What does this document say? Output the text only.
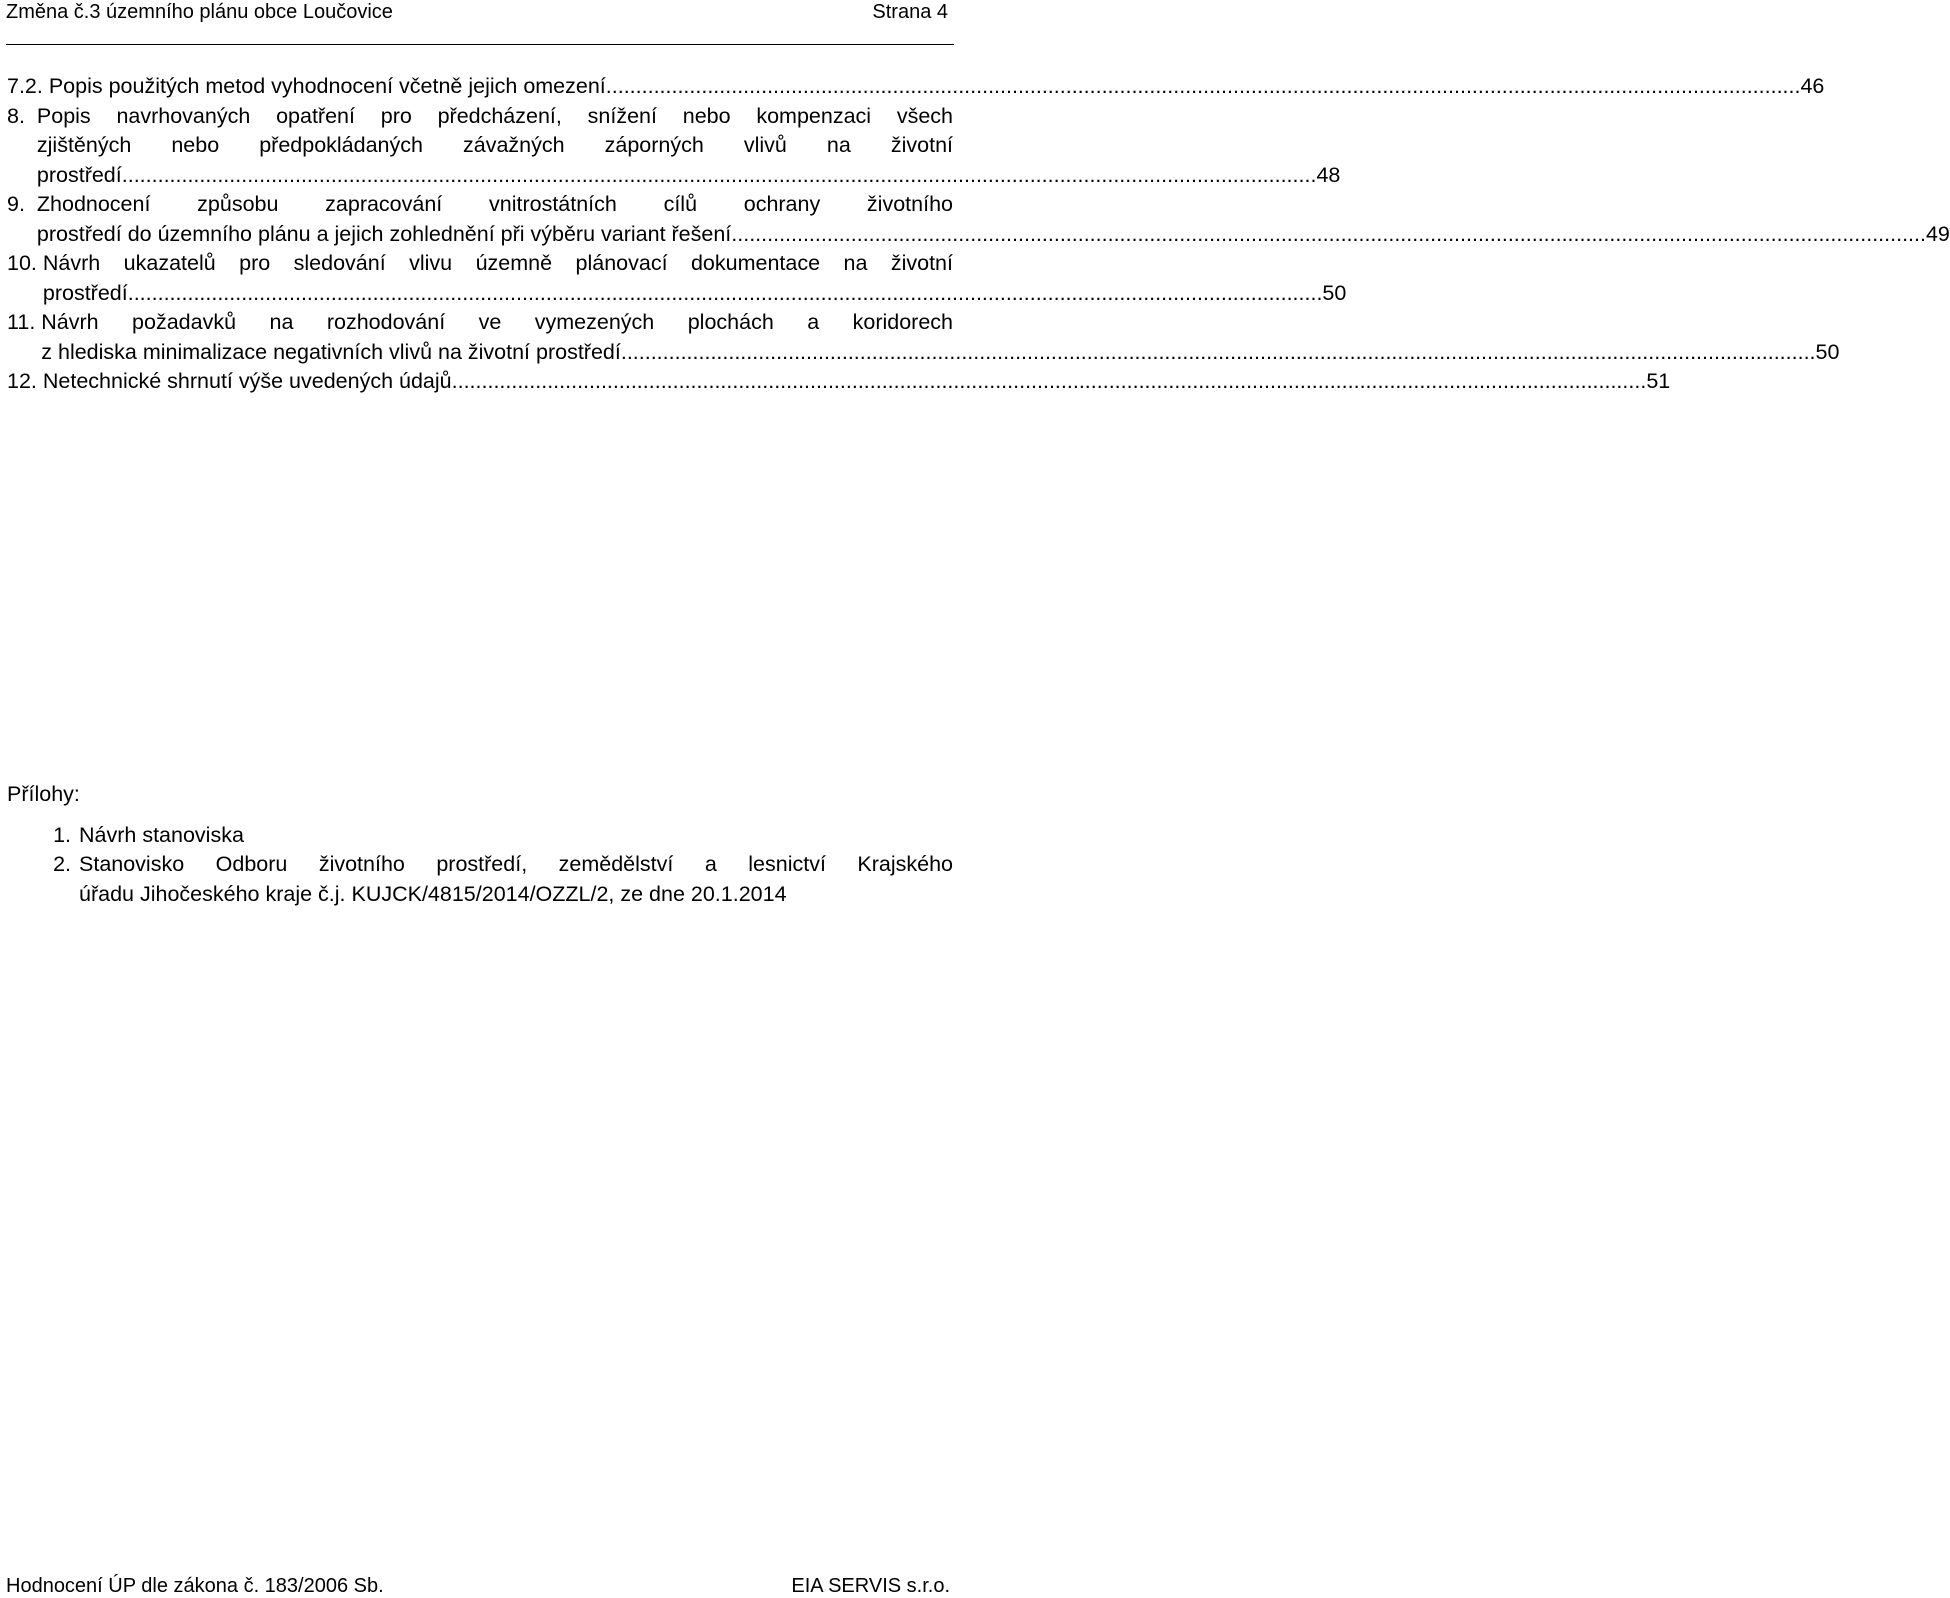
Změna č.3 územního plánu obce Loučovice	Strana 4
7.2. Popis použitých metod vyhodnocení včetně jejich omezení ........................................................................................................................................................................................................ 46
8. Popis navrhovaných opatření pro předcházení, snížení nebo kompenzaci všech
zjištěných nebo předpokládaných závažných záporných vlivů na životní
prostředí ........................................................................................................................................................................................................ 48
9. Zhodnocení způsobu zapracování vnitrostátních cílů ochrany životního
prostředí do územního plánu a jejich zohlednění při výběru variant řešení ........................................................................................................................................................................................................ 49
10. Návrh ukazatelů pro sledování vlivu územně plánovací dokumentace na životní
prostředí ........................................................................................................................................................................................................ 50
11. Návrh požadavků na rozhodování ve vymezených plochách a koridorech
z hlediska minimalizace negativních vlivů na životní prostředí ........................................................................................................................................................................................................ 50
12. Netechnické shrnutí výše uvedených údajů ........................................................................................................................................................................................................ 51
Přílohy:
1. Návrh stanoviska
2. Stanovisko Odboru životního prostředí, zemědělství a lesnictví Krajského
úřadu Jihočeského kraje č.j. KUJCK/4815/2014/OZZL/2, ze dne 20.1.2014
Hodnocení ÚP dle zákona č. 183/2006 Sb.	EIA SERVIS s.r.o.
